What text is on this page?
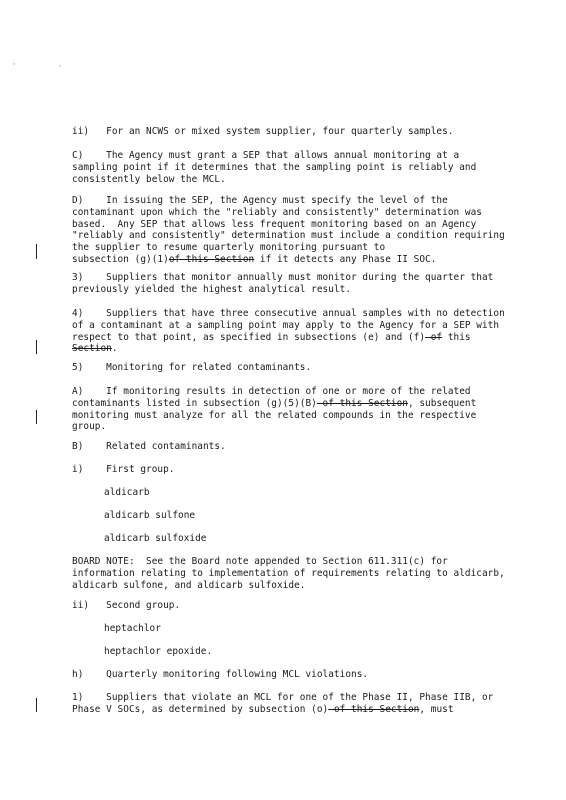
'	'
ii)   For an NCWS or mixed system supplier, four quarterly samples.
C)    The Agency must grant a SEP that allows annual monitoring at a sampling point if it determines that the sampling point is reliably and consistently below the MCL.
D)    In issuing the SEP, the Agency must specify the level of the contaminant upon which the "reliably and consistently" determination was based.  Any SEP that allows less frequent monitoring based on an Agency "reliably and consistently" determination must include a condition requiring the supplier to resume quarterly monitoring pursuant to
subsection (g)(1)of this Section if it detects any Phase II SOC.
3)    Suppliers that monitor annually must monitor during the quarter that previously yielded the highest analytical result.
4)    Suppliers that have three consecutive annual samples with no detection of a contaminant at a sampling point may apply to the Agency for a SEP with respect to that point, as specified in subsections (e) and (f) of this Section.
5)    Monitoring for related contaminants.
A)    If monitoring results in detection of one or more of the related contaminants listed in subsection (g)(5)(B) of this Section, subsequent monitoring must analyze for all the related compounds in the respective group.
B)    Related contaminants.
i)    First group.
aldicarb
aldicarb sulfone
aldicarb sulfoxide
BOARD NOTE:  See the Board note appended to Section 611.311(c) for information relating to implementation of requirements relating to aldicarb, aldicarb sulfone, and aldicarb sulfoxide.
ii)   Second group.
heptachlor
heptachlor epoxide.
h)    Quarterly monitoring following MCL violations.
1)    Suppliers that violate an MCL for one of the Phase II, Phase IIB, or Phase V SOCs, as determined by subsection (o) of this Section, must
